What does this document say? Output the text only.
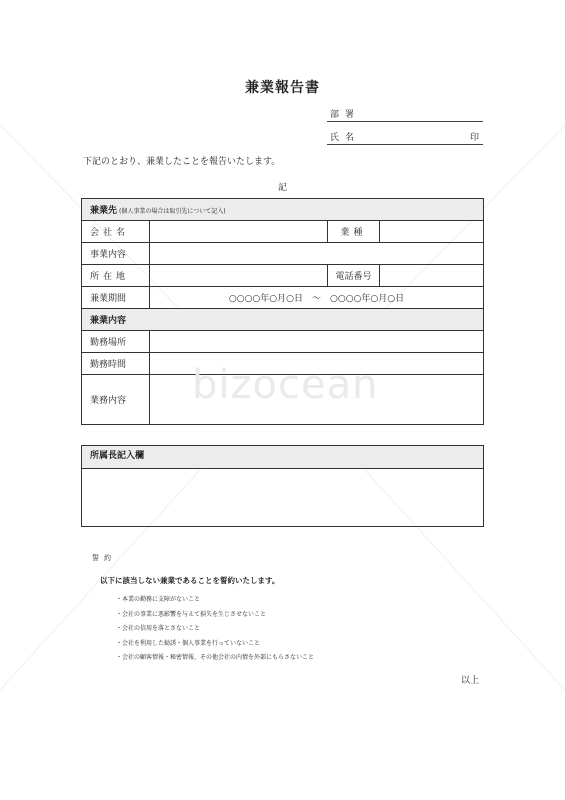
兼業報告書
部署
氏名	印
下記のとおり、兼業したことを報告いたします。
記
兼業先 (個人事業の場合は取引先について記入)			
会社名		業種	
事業内容			
所在地		電話番号	
兼業期間	○○○○年○月○日　～　○○○○年○月○日		
兼業内容			
勤務場所			
勤務時間			
業務内容			bizocean
所属長記入欄
誓約
以下に該当しない兼業であることを誓約いたします。
・本業の勤務に支障がないこと
・会社の事業に悪影響を与えて損失を生じさせないこと
・会社の信用を落とさないこと
・会社を利用した勧誘・個人事業を行っていないこと
・会社の顧客情報・秘密情報、その他会社の内情を外部にもらさないこと
以上
